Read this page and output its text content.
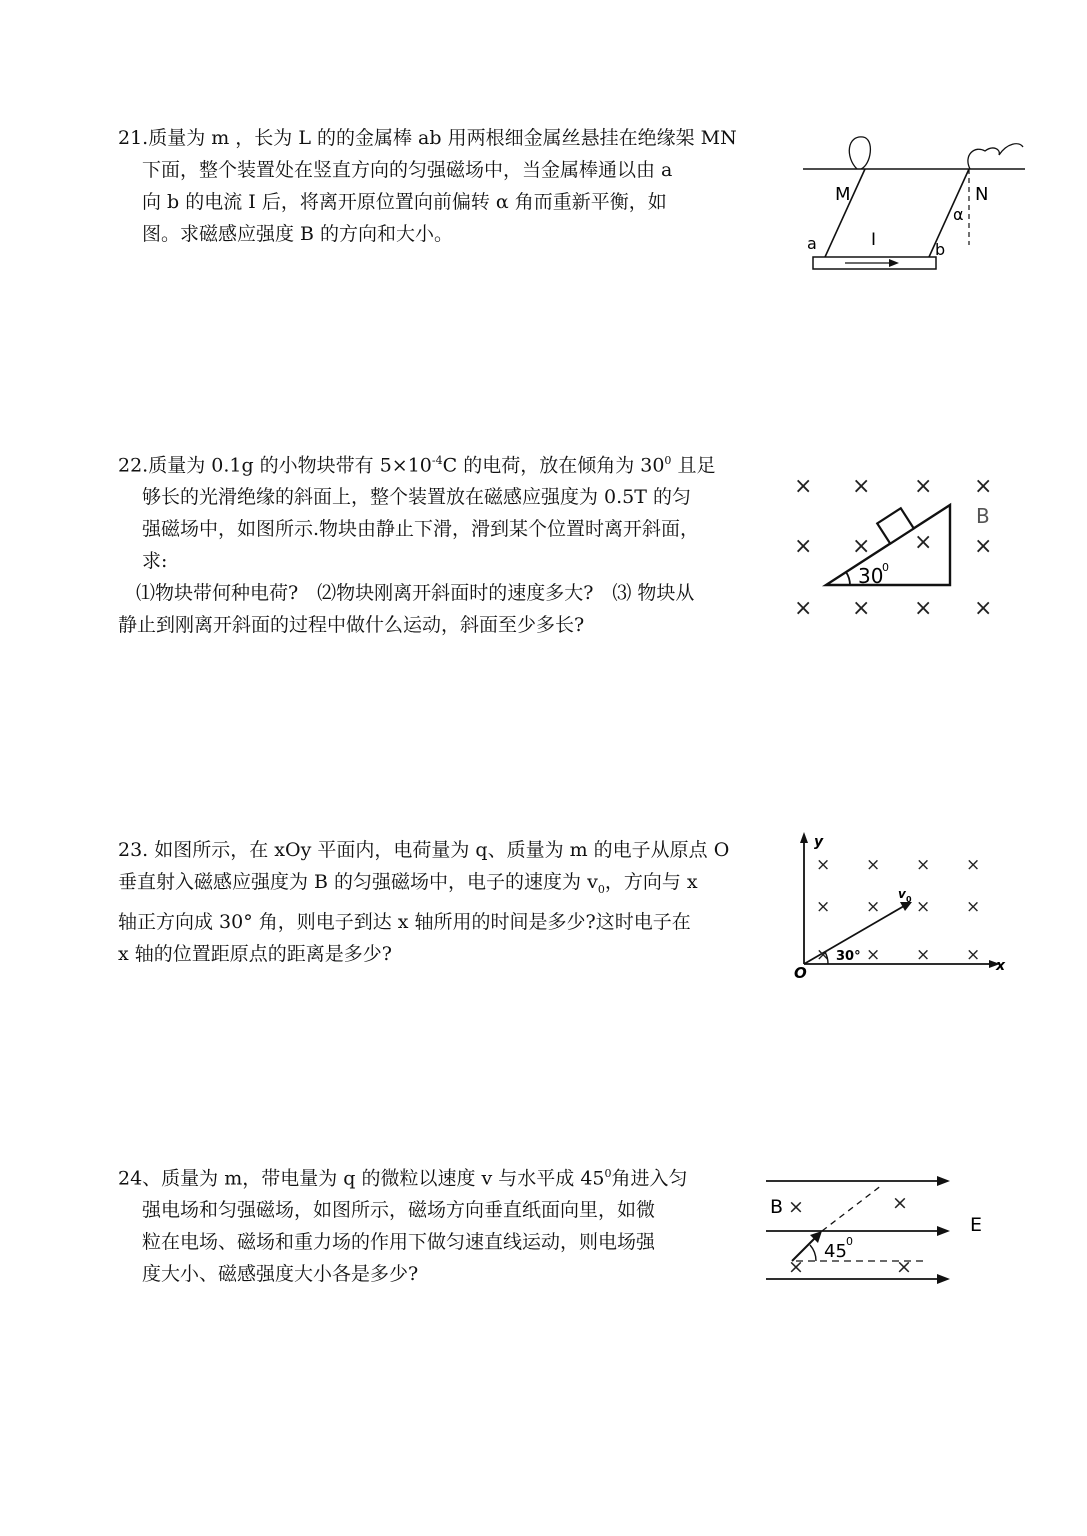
21.质量为 m ，长为 L 的的金属棒 ab 用两根细金属丝悬挂在绝缘架 MN
下面，整个装置处在竖直方向的匀强磁场中，当金属棒通以由 a
向 b 的电流 I 后，将离开原位置向前偏转 α 角而重新平衡，如
图。求磁感应强度 B 的方向和大小。

M	N
α
a	b
I

22.质量为 0.1g 的小物块带有 $5\times 10^{-4}C$ 的电荷，放在倾角为 $30^0$ 且足
够长的光滑绝缘的斜面上，整个装置放在磁感应强度为 0.5T 的匀
强磁场中，如图所示.物块由静止下滑，滑到某个位置时离开斜面，
求:
⑴物块带何种电荷?　⑵物块刚离开斜面时的速度多大?　⑶ 物块从
静止到刚离开斜面的过程中做什么运动，斜面至少多长?

× × × ×
× × × ×
× × × ×
30
0
B

23. 如图所示，在 xOy 平面内，电荷量为 q、质量为 m 的电子从原点 O
垂直射入磁感应强度为 B 的匀强磁场中，电子的速度为 $v_0$，方向与 x
轴正方向成 30° 角，则电子到达 x 轴所用的时间是多少?这时电子在
x 轴的位置距原点的距离是多少?

× × × ×
× × × ×
× × × ×
30°
y
x
O
v 0

24、质量为 m，带电量为 q 的微粒以速度 v 与水平成 $45^0$角进入匀
强电场和匀强磁场，如图所示，磁场方向垂直纸面向里，如微
粒在电场、磁场和重力场的作用下做匀速直线运动，则电场强
度大小、磁感强度大小各是多少?

B
E
×	×
×	×
45 0
